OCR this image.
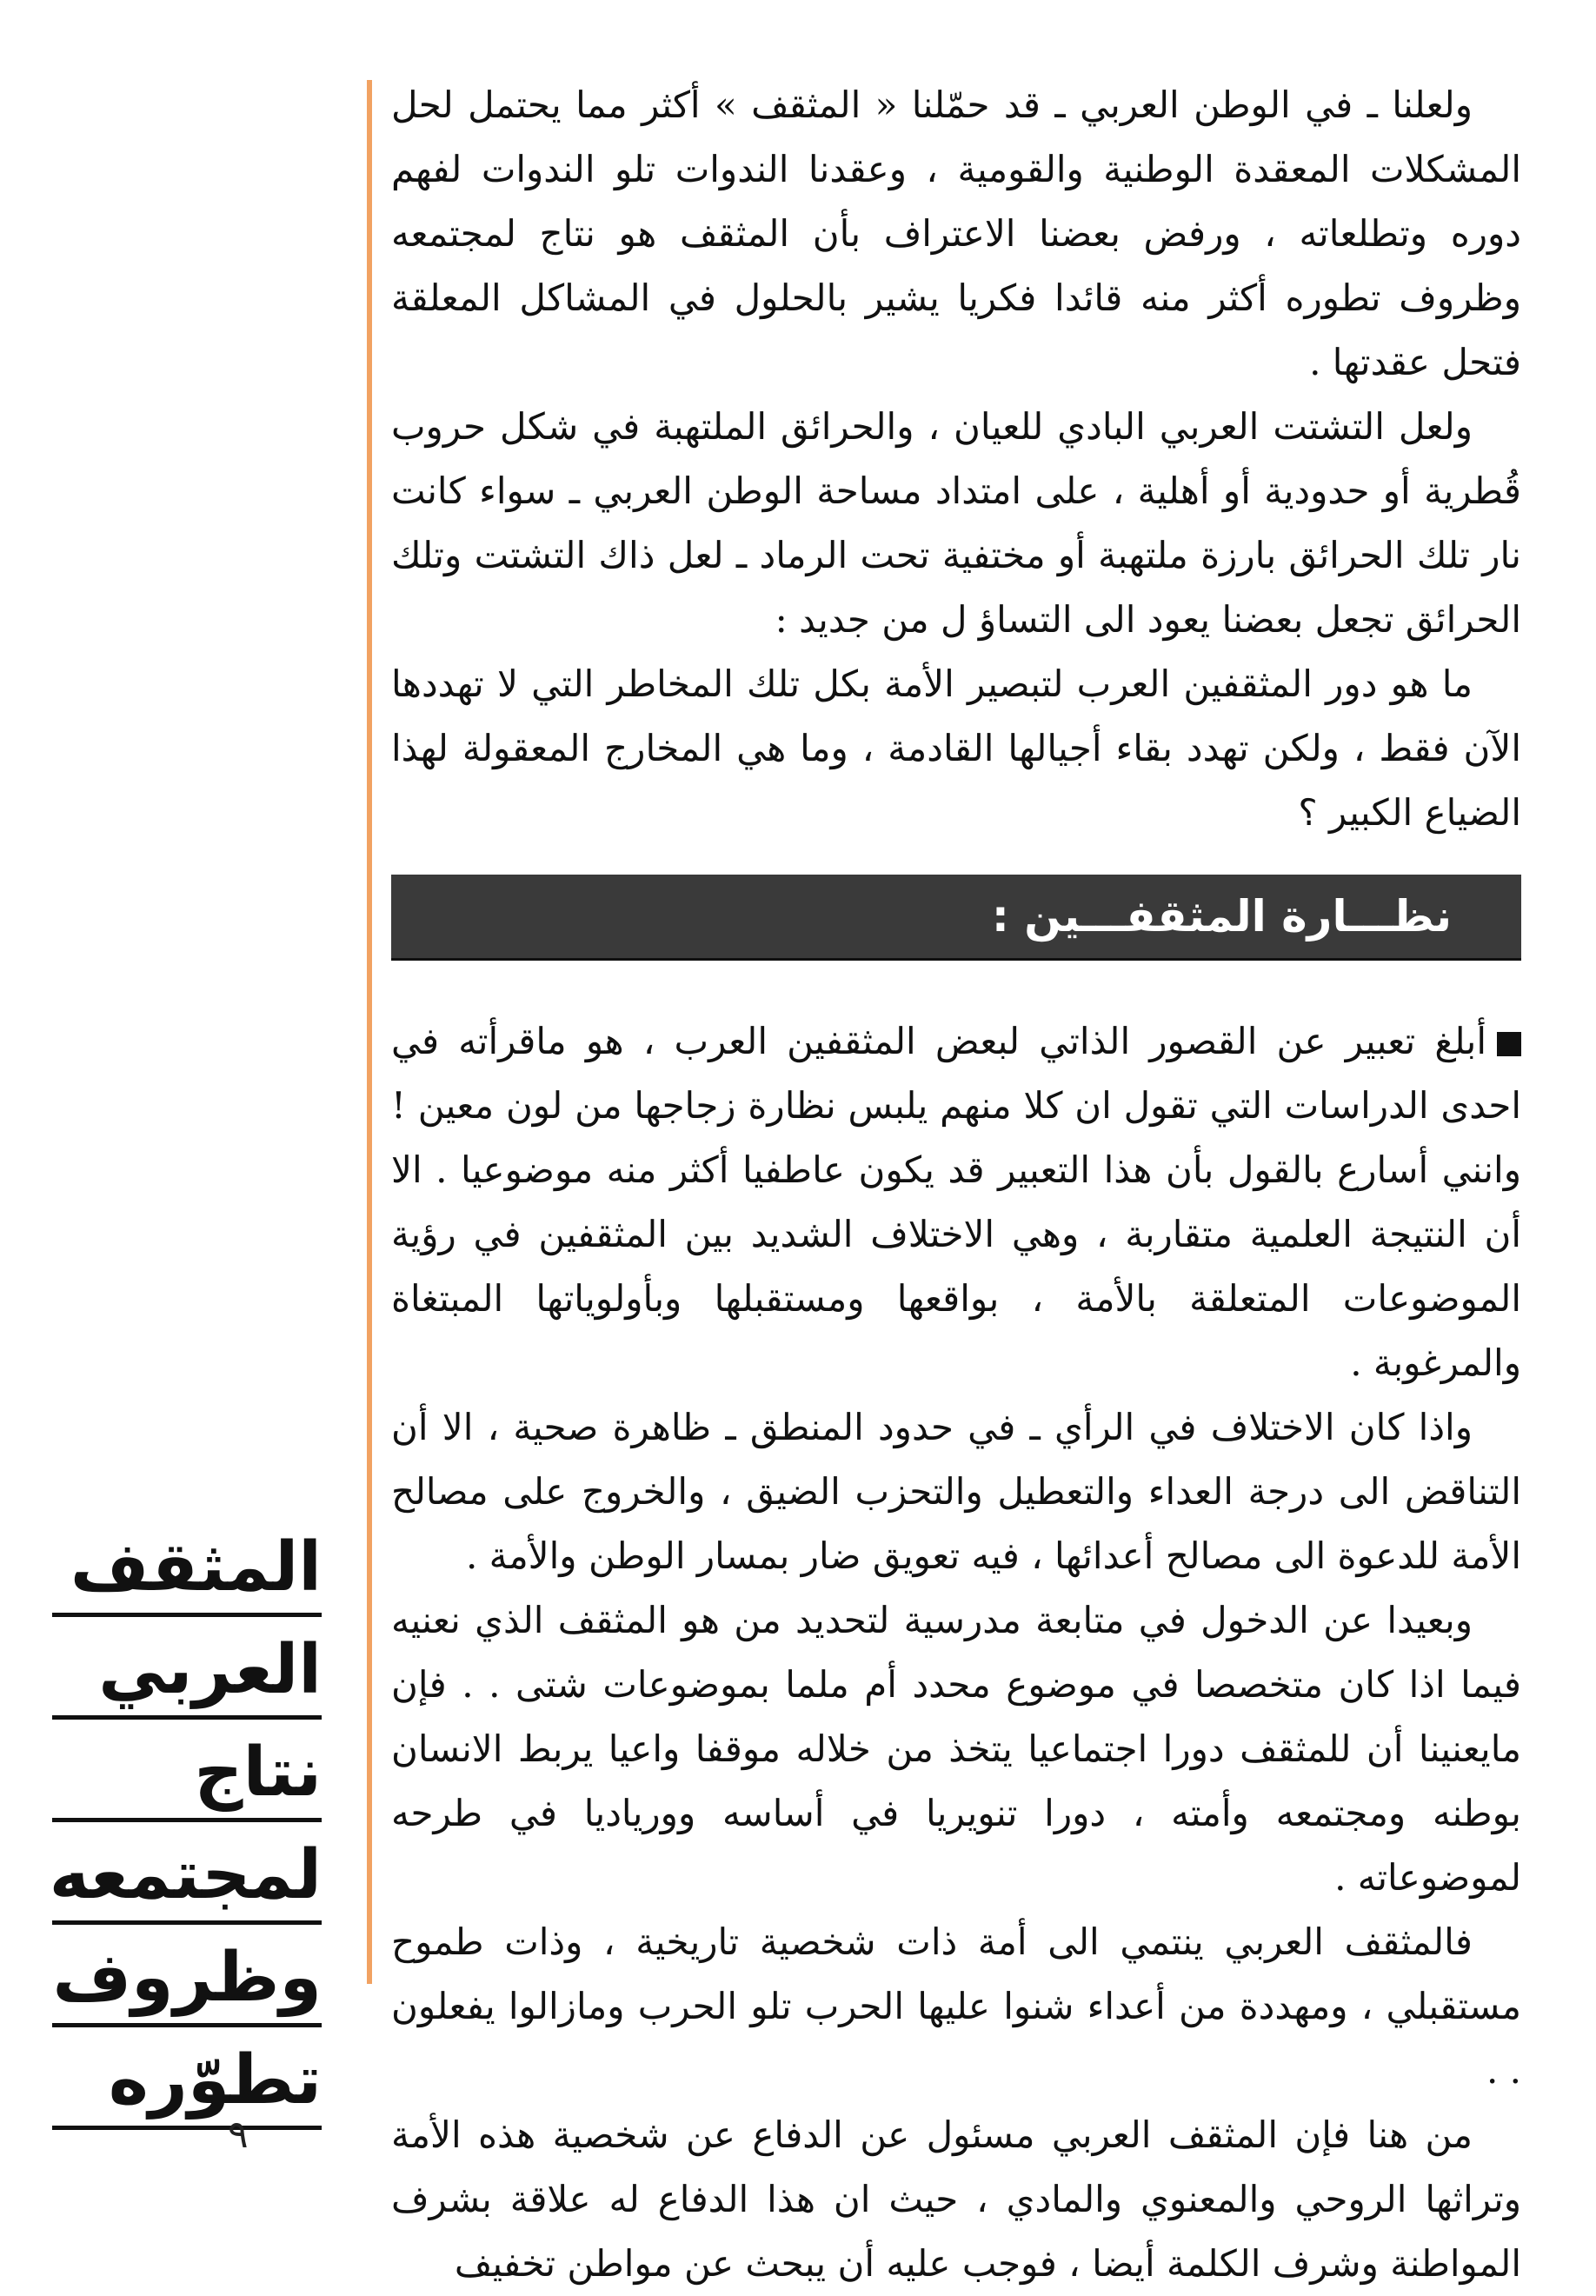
ولعلنا ـ في الوطن العربي ـ قد حمّلنا « المثقف » أكثر مما يحتمل لحل المشكلات المعقدة الوطنية والقومية ، وعقدنا الندوات تلو الندوات لفهم دوره وتطلعاته ، ورفض بعضنا الاعتراف بأن المثقف هو نتاج لمجتمعه وظروف تطوره أكثر منه قائدا فكريا يشير بالحلول في المشاكل المعلقة فتحل عقدتها .

ولعل التشتت العربي البادي للعيان ، والحرائق الملتهبة في شكل حروب قُطرية أو حدودية أو أهلية ، على امتداد مساحة الوطن العربي ـ سواء كانت نار تلك الحرائق بارزة ملتهبة أو مختفية تحت الرماد ـ لعل ذاك التشتت وتلك الحرائق تجعل بعضنا يعود الى التساؤ ل من جديد :

ما هو دور المثقفين العرب لتبصير الأمة بكل تلك المخاطر التي لا تهددها الآن فقط ، ولكن تهدد بقاء أجيالها القادمة ، وما هي المخارج المعقولة لهذا الضياع الكبير ؟

نظـــارة المثقفـــين :

أبلغ تعبير عن القصور الذاتي لبعض المثقفين العرب ، هو ماقرأته في احدى الدراسات التي تقول ان كلا منهم يلبس نظارة زجاجها من لون معين ! وانني أسارع بالقول بأن هذا التعبير قد يكون عاطفيا أكثر منه موضوعيا . الا أن النتيجة العلمية متقاربة ، وهي الاختلاف الشديد بين المثقفين في رؤية الموضوعات المتعلقة بالأمة ، بواقعها ومستقبلها وبأولوياتها المبتغاة والمرغوبة .

واذا كان الاختلاف في الرأي ـ في حدود المنطق ـ ظاهرة صحية ، الا أن التناقض الى درجة العداء والتعطيل والتحزب الضيق ، والخروج على مصالح الأمة للدعوة الى مصالح أعدائها ، فيه تعويق ضار بمسار الوطن والأمة .

وبعيدا عن الدخول في متابعة مدرسية لتحديد من هو المثقف الذي نعنيه فيما اذا كان متخصصا في موضوع محدد أم ملما بموضوعات شتى . . فإن مايعنينا أن للمثقف دورا اجتماعيا يتخذ من خلاله موقفا واعيا يربط الانسان بوطنه ومجتمعه وأمته ، دورا تنويريا في أساسه وورياديا في طرحه لموضوعاته .

فالمثقف العربي ينتمي الى أمة ذات شخصية تاريخية ، وذات طموح مستقبلي ، ومهددة من أعداء شنوا عليها الحرب تلو الحرب ومازالوا يفعلون . .

من هنا فإن المثقف العربي مسئول عن الدفاع عن شخصية هذه الأمة وتراثها الروحي والمعنوي والمادي ، حيث ان هذا الدفاع له علاقة بشرف المواطنة وشرف الكلمة أيضا ، فوجب عليه أن يبحث عن مواطن تخفيف

المثقف
العربي
نتاج
لمجتمعه
وظروف
تطوّره
٩
